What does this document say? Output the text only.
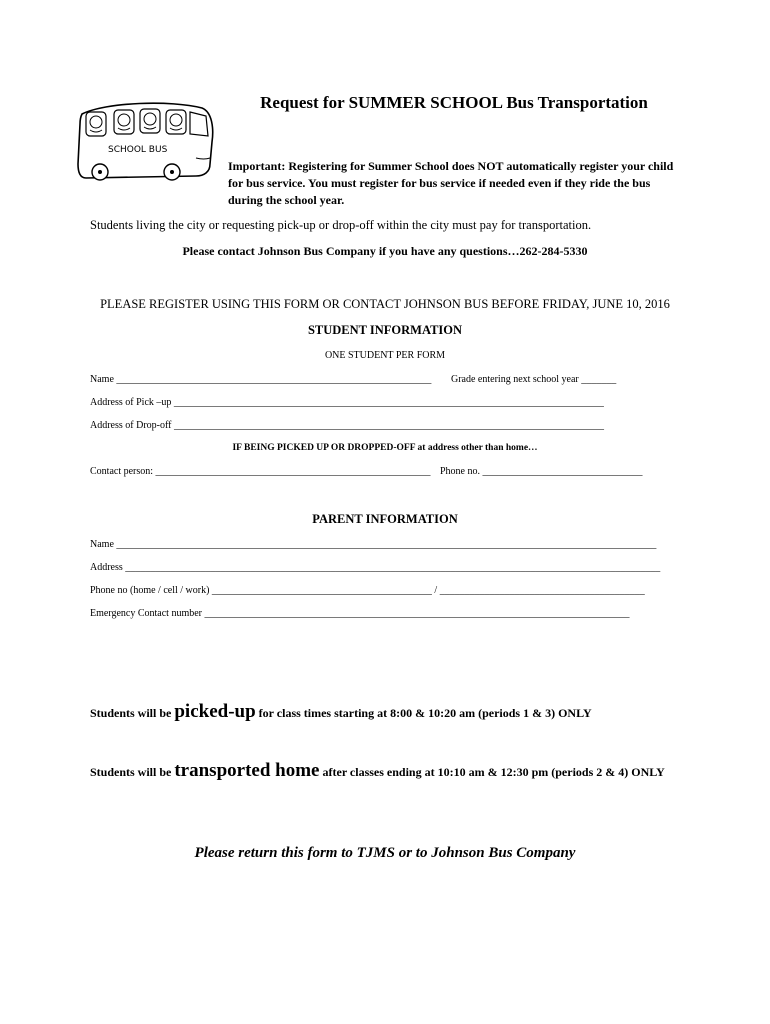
SCHOOL BUS
Request for SUMMER SCHOOL Bus Transportation
Important: Registering for Summer School does NOT automatically register your child for bus service. You must register for bus service if needed even if they ride the bus during the school year.
Students living the city or requesting pick-up or drop-off within the city must pay for transportation.
Please contact Johnson Bus Company if you have any questions…262-284-5330
PLEASE REGISTER USING THIS FORM OR CONTACT JOHNSON BUS BEFORE FRIDAY, JUNE 10, 2016
STUDENT INFORMATION
ONE STUDENT PER FORM
Name _______________________________________________________________ Grade entering next school year _______
Address of Pick –up ______________________________________________________________________________________
Address of Drop-off ______________________________________________________________________________________
IF BEING PICKED UP OR DROPPED-OFF at address other than home…
Contact person: _______________________________________________________ Phone no. ________________________________
PARENT INFORMATION
Name ____________________________________________________________________________________________________________
Address ___________________________________________________________________________________________________________
Phone no (home / cell / work) ____________________________________________ / _________________________________________
Emergency Contact number _____________________________________________________________________________________
Students will be picked-up for class times starting at 8:00 & 10:20 am (periods 1 & 3) ONLY
Students will be transported home after classes ending at 10:10 am & 12:30 pm (periods 2 & 4) ONLY
Please return this form to TJMS or to Johnson Bus Company
